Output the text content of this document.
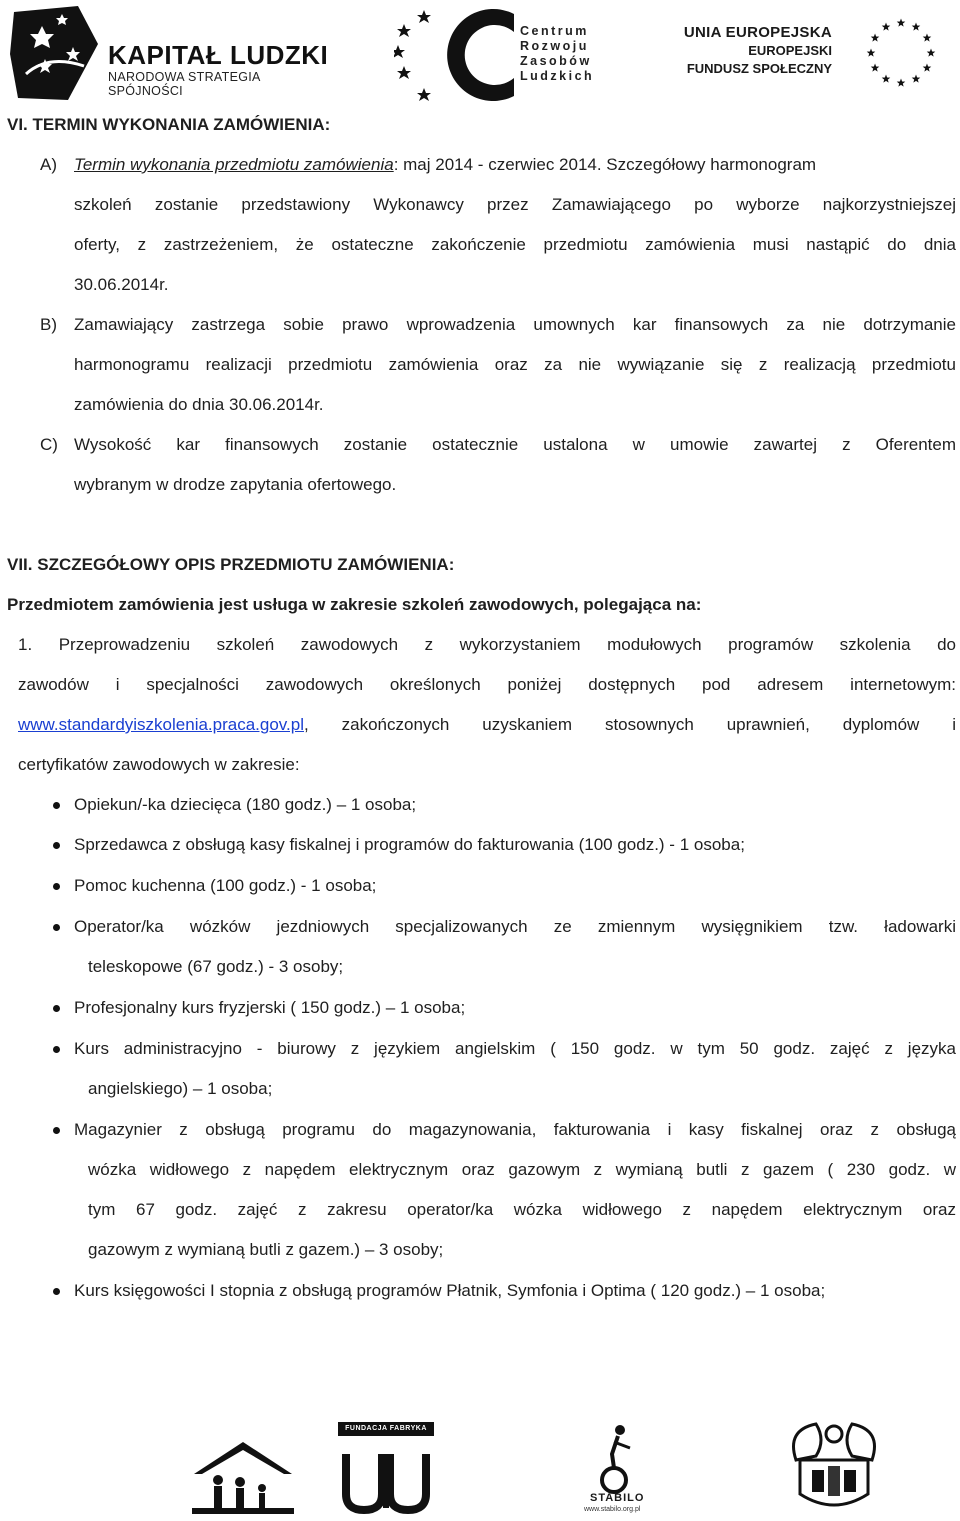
KAPITAŁ LUDZKI
NARODOWA STRATEGIA SPÓJNOŚCI
Centrum
Rozwoju
Zasobów
Ludzkich
UNIA EUROPEJSKA
EUROPEJSKI
FUNDUSZ SPOŁECZNY
VI. TERMIN WYKONANIA ZAMÓWIENIA:
A) Termin wykonania przedmiotu zamówienia: maj 2014 - czerwiec 2014. Szczegółowy harmonogram
szkoleń zostanie przedstawiony Wykonawcy przez Zamawiającego po wyborze najkorzystniejszej
oferty, z zastrzeżeniem, że ostateczne zakończenie przedmiotu zamówienia musi nastąpić do dnia
30.06.2014r.
B) Zamawiający zastrzega sobie prawo wprowadzenia umownych kar finansowych za nie dotrzymanie
harmonogramu realizacji przedmiotu zamówienia oraz za nie wywiązanie się z realizacją przedmiotu
zamówienia do dnia 30.06.2014r.
C) Wysokość kar finansowych zostanie ostatecznie ustalona w umowie zawartej z Oferentem
wybranym w drodze zapytania ofertowego.
VII. SZCZEGÓŁOWY OPIS PRZEDMIOTU ZAMÓWIENIA:
Przedmiotem zamówienia jest usługa w zakresie szkoleń zawodowych, polegająca na:
1. Przeprowadzeniu szkoleń zawodowych z wykorzystaniem modułowych programów szkolenia do
zawodów i specjalności zawodowych określonych poniżej dostępnych pod adresem internetowym:
www.standardyiszkolenia.praca.gov.pl, zakończonych uzyskaniem stosownych uprawnień, dyplomów i
certyfikatów zawodowych w zakresie:
Opiekun/-ka dziecięca (180 godz.) – 1 osoba;
Sprzedawca z obsługą kasy fiskalnej i programów do fakturowania (100 godz.) - 1 osoba;
Pomoc kuchenna (100 godz.) - 1 osoba;
Operator/ka wózków jezdniowych specjalizowanych ze zmiennym wysięgnikiem tzw. ładowarki
teleskopowe (67 godz.) - 3 osoby;
Profesjonalny kurs fryzjerski ( 150 godz.) – 1 osoba;
Kurs administracyjno - biurowy z językiem angielskim ( 150 godz. w tym 50 godz. zajęć z języka
angielskiego) – 1 osoba;
Magazynier z obsługą programu do magazynowania, fakturowania i kasy fiskalnej oraz z obsługą
wózka widłowego z napędem elektrycznym oraz gazowym z wymianą butli z gazem ( 230 godz. w
tym 67 godz. zajęć z zakresu operator/ka wózka widłowego z napędem elektrycznym oraz
gazowym z wymianą butli z gazem.) – 3 osoby;
Kurs księgowości I stopnia z obsługą programów Płatnik, Symfonia i Optima ( 120 godz.) – 1 osoba;
FUNDACJA FABRYKA
STABILO
www.stabilo.org.pl
